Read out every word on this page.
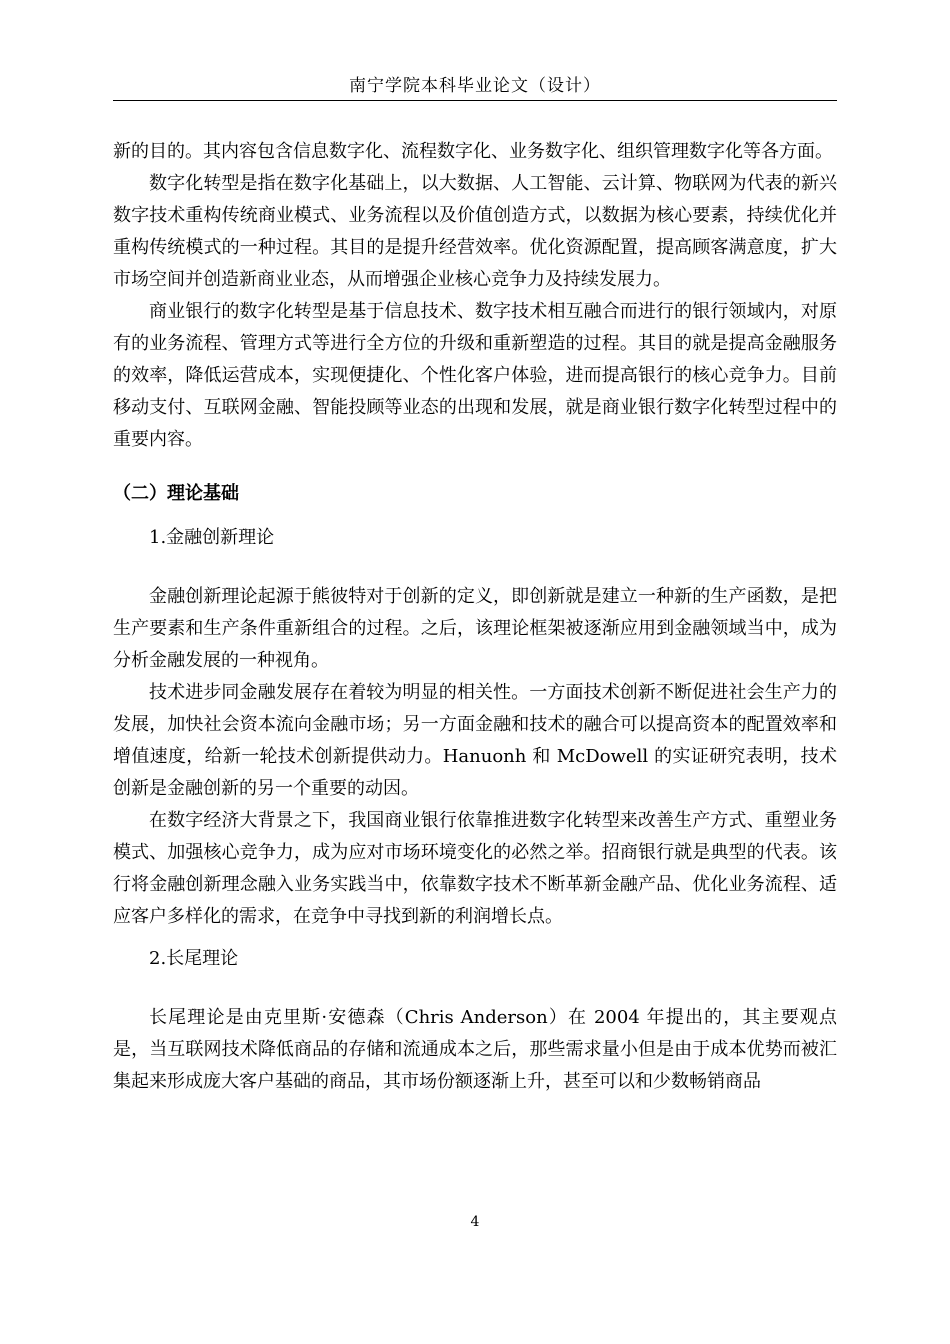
南宁学院本科毕业论文（设计）

新的目的。其内容包含信息数字化、流程数字化、业务数字化、组织管理数字化等各方面。

数字化转型是指在数字化基础上，以大数据、人工智能、云计算、物联网为代表的新兴数字技术重构传统商业模式、业务流程以及价值创造方式，以数据为核心要素，持续优化并重构传统模式的一种过程。其目的是提升经营效率。优化资源配置，提高顾客满意度，扩大市场空间并创造新商业业态，从而增强企业核心竞争力及持续发展力。

商业银行的数字化转型是基于信息技术、数字技术相互融合而进行的银行领域内，对原有的业务流程、管理方式等进行全方位的升级和重新塑造的过程。其目的就是提高金融服务的效率，降低运营成本，实现便捷化、个性化客户体验，进而提高银行的核心竞争力。目前移动支付、互联网金融、智能投顾等业态的出现和发展，就是商业银行数字化转型过程中的重要内容。

（二）理论基础

1.金融创新理论

金融创新理论起源于熊彼特对于创新的定义，即创新就是建立一种新的生产函数，是把生产要素和生产条件重新组合的过程。之后，该理论框架被逐渐应用到金融领域当中，成为分析金融发展的一种视角。

技术进步同金融发展存在着较为明显的相关性。一方面技术创新不断促进社会生产力的发展，加快社会资本流向金融市场；另一方面金融和技术的融合可以提高资本的配置效率和增值速度，给新一轮技术创新提供动力。Hanuonh 和 McDowell 的实证研究表明，技术创新是金融创新的另一个重要的动因。

在数字经济大背景之下，我国商业银行依靠推进数字化转型来改善生产方式、重塑业务模式、加强核心竞争力，成为应对市场环境变化的必然之举。招商银行就是典型的代表。该行将金融创新理念融入业务实践当中，依靠数字技术不断革新金融产品、优化业务流程、适应客户多样化的需求，在竞争中寻找到新的利润增长点。

2.长尾理论

长尾理论是由克里斯·安德森（Chris Anderson）在 2004 年提出的，其主要观点是，当互联网技术降低商品的存储和流通成本之后，那些需求量小但是由于成本优势而被汇集起来形成庞大客户基础的商品，其市场份额逐渐上升，甚至可以和少数畅销商品

4
